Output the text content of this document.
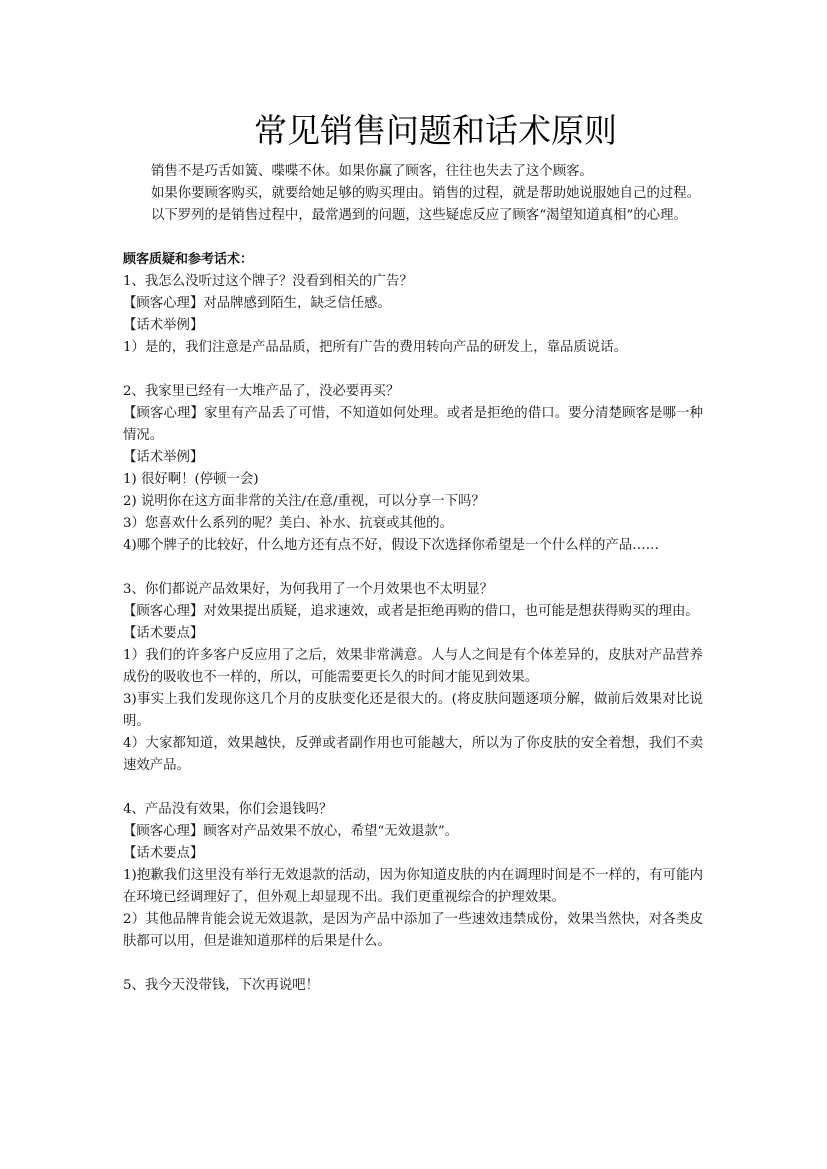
常见销售问题和话术原则

销售不是巧舌如簧、喋喋不休。如果你赢了顾客，往往也失去了这个顾客。

如果你要顾客购买，就要给她足够的购买理由。销售的过程，就是帮助她说服她自己的过程。

以下罗列的是销售过程中，最常遇到的问题，这些疑虑反应了顾客“渴望知道真相”的心理。

顾客质疑和参考话术：

1、我怎么没听过这个牌子？没看到相关的广告？

【顾客心理】对品牌感到陌生，缺乏信任感。

【话术举例】

1）是的，我们注意是产品品质，把所有广告的费用转向产品的研发上，靠品质说话。

2、我家里已经有一大堆产品了，没必要再买？

【顾客心理】家里有产品丢了可惜，不知道如何处理。或者是拒绝的借口。要分清楚顾客是哪一种情况。

【话术举例】

1) 很好啊！(停顿一会)

2) 说明你在这方面非常的关注/在意/重视，可以分享一下吗？

3）您喜欢什么系列的呢？美白、补水、抗衰或其他的。

4)哪个牌子的比较好，什么地方还有点不好，假设下次选择你希望是一个什么样的产品……

3、你们都说产品效果好，为何我用了一个月效果也不太明显？

【顾客心理】对效果提出质疑，追求速效，或者是拒绝再购的借口，也可能是想获得购买的理由。

【话术要点】

1）我们的许多客户反应用了之后，效果非常满意。人与人之间是有个体差异的，皮肤对产品营养成份的吸收也不一样的，所以，可能需要更长久的时间才能见到效果。

3)事实上我们发现你这几个月的皮肤变化还是很大的。(将皮肤问题逐项分解，做前后效果对比说明。

4）大家都知道，效果越快，反弹或者副作用也可能越大，所以为了你皮肤的安全着想，我们不卖速效产品。

4、产品没有效果，你们会退钱吗？

【顾客心理】顾客对产品效果不放心，希望“无效退款”。

【话术要点】

1)抱歉我们这里没有举行无效退款的活动，因为你知道皮肤的内在调理时间是不一样的，有可能内在环境已经调理好了，但外观上却显现不出。我们更重视综合的护理效果。

2）其他品牌肯能会说无效退款，是因为产品中添加了一些速效违禁成份，效果当然快，对各类皮肤都可以用，但是谁知道那样的后果是什么。

5、我今天没带钱，下次再说吧！
